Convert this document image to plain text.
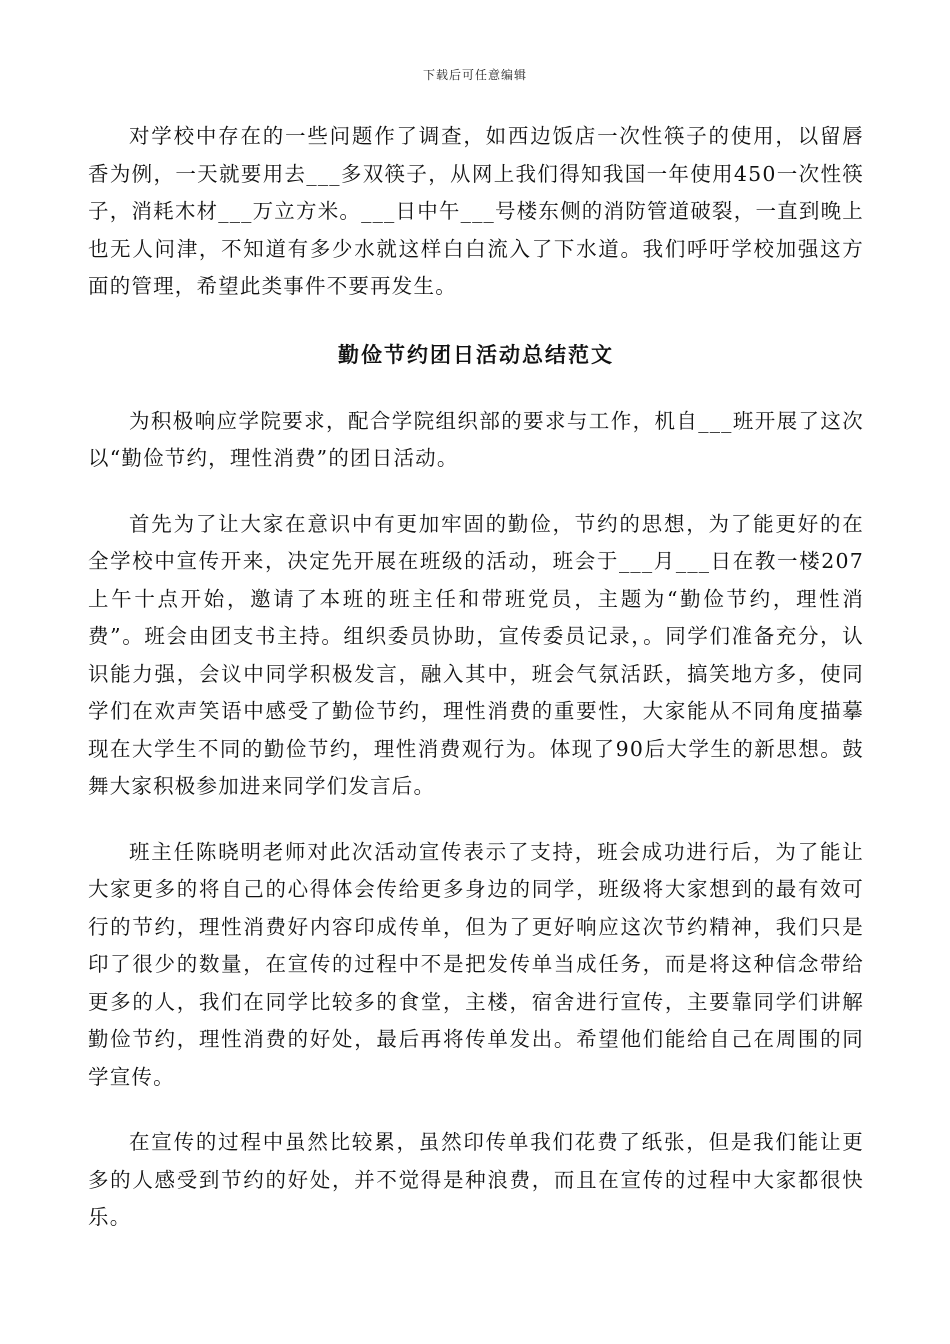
下载后可任意编辑

对学校中存在的一些问题作了调查，如西边饭店一次性筷子的使用，以留唇香为例，一天就要用去___多双筷子，从网上我们得知我国一年使用450一次性筷子，消耗木材___万立方米。___日中午___号楼东侧的消防管道破裂，一直到晚上也无人问津，不知道有多少水就这样白白流入了下水道。我们呼吁学校加强这方面的管理，希望此类事件不要再发生。

勤俭节约团日活动总结范文

为积极响应学院要求，配合学院组织部的要求与工作，机自___班开展了这次以“勤俭节约，理性消费”的团日活动。

首先为了让大家在意识中有更加牢固的勤俭，节约的思想，为了能更好的在全学校中宣传开来，决定先开展在班级的活动，班会于___月___日在教一楼207上午十点开始，邀请了本班的班主任和带班党员，主题为“勤俭节约，理性消费”。班会由团支书主持。组织委员协助，宣传委员记录，。同学们准备充分，认识能力强，会议中同学积极发言，融入其中，班会气氛活跃，搞笑地方多，使同学们在欢声笑语中感受了勤俭节约，理性消费的重要性，大家能从不同角度描摹现在大学生不同的勤俭节约，理性消费观行为。体现了90后大学生的新思想。鼓舞大家积极参加进来同学们发言后。

班主任陈晓明老师对此次活动宣传表示了支持，班会成功进行后，为了能让大家更多的将自己的心得体会传给更多身边的同学，班级将大家想到的最有效可行的节约，理性消费好内容印成传单，但为了更好响应这次节约精神，我们只是印了很少的数量，在宣传的过程中不是把发传单当成任务，而是将这种信念带给更多的人，我们在同学比较多的食堂，主楼，宿舍进行宣传，主要靠同学们讲解勤俭节约，理性消费的好处，最后再将传单发出。希望他们能给自己在周围的同学宣传。

在宣传的过程中虽然比较累，虽然印传单我们花费了纸张，但是我们能让更多的人感受到节约的好处，并不觉得是种浪费，而且在宣传的过程中大家都很快乐。
